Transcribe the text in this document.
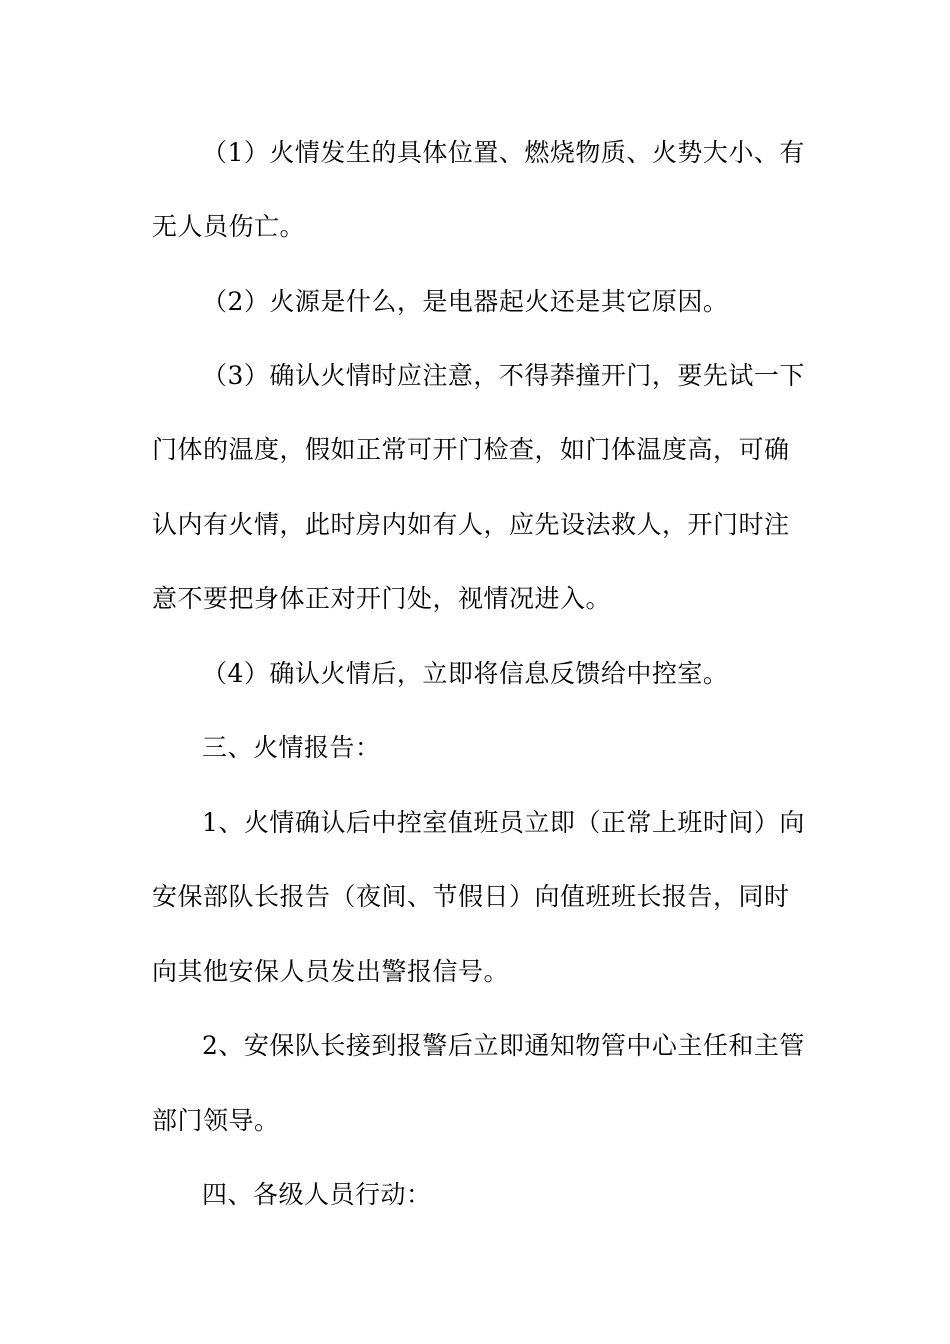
（1）火情发生的具体位置、燃烧物质、火势大小、有
无人员伤亡。
（2）火源是什么，是电器起火还是其它原因。
（3）确认火情时应注意，不得莽撞开门，要先试一下
门体的温度，假如正常可开门检查，如门体温度高，可确
认内有火情，此时房内如有人，应先设法救人，开门时注
意不要把身体正对开门处，视情况进入。
（4）确认火情后，立即将信息反馈给中控室。
三、火情报告：
1、火情确认后中控室值班员立即（正常上班时间）向
安保部队长报告（夜间、节假日）向值班班长报告，同时
向其他安保人员发出警报信号。
2、安保队长接到报警后立即通知物管中心主任和主管
部门领导。
四、各级人员行动：
